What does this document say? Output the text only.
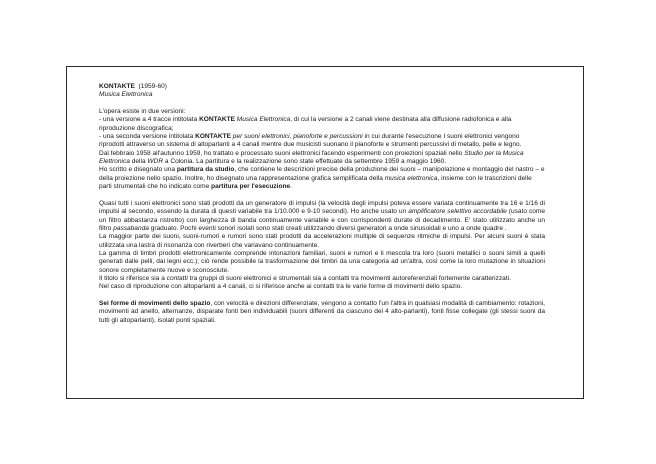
KONTAKTE (1959-60)

Musica Elettronica

L'opera esiste in due versioni:

- una versione a 4 tracce intitolata KONTAKTE Musica Elettronica, di cui la versione a 2 canali viene destinata alla diffusione radiofonica e alla riproduzione discografica;

- una seconda versione intitolata KONTAKTE per suoni elettronici, pianoforte e percussioni in cui durante l'esecuzione I suoni elettronici vengono riprodotti attraverso un sistema di altoparlanti a 4 canali mentre due musicisti suonano il pianoforte e strumenti percussivi di metallo, pelle e legno.

Dal febbraio 1958 all'autunno 1959, ho trattato e processato suoni elettronici facendo esperimenti con proiezioni spaziali nello Studio per la Musica Elettronica della WDR a Colonia. La partitura e la realizzazione sono state effettuate da settembre 1959 a maggio 1960.

Ho scritto e disegnato una partitura da studio, che contiene le descrizioni precise della produzione dei suoni – manipolazione e montaggio del nastro – e della proiezione nello spazio. Inoltre, ho disegnato una rappresentazione grafica semplificata della musica elettronica, insieme con le trascrizioni delle parti strumentali che ho indicato come partitura per l'esecuzione.

Quasi tutti i suoni elettronici sono stati prodotti da un generatore di impulsi (la velocità degli impulsi poteva essere variata continuamente tra 16 e 1/16 di impulsi al secondo, essendo la durata di questi variabile tra 1/10.000 e 9-10 secondi). Ho anche usato un amplificatore selettivo accordabile (usato come un filtro abbastanza ristretto) con larghezza di banda continuamente variabile e con corrispondenti durate di decadimento. E' stato utilizzato anche un filtro passabanda graduato. Pochi eventi sonori isolati sono stati creati utilizzando diversi generatori a onde sinusoidali e uno a onde quadre .

La maggior parte dei suoni, suoni-rumori e rumori sono stati prodotti da accelerazioni multiple di sequenze ritmiche di impulsi. Per alcuni suoni è stata utilizzata una lastra di risonanza con riverberi che variavano continuamente.

La gamma di timbri prodotti elettronicamente comprende intonazioni familiari, suoni e rumori e li mescola tra loro (suoni metallici o suoni simili a quelli generati dalle pelli, dai legni ecc.); ciò rende possibile la trasformazione dei timbri da una categoria ad un'altra, così come la loro mutazione in situazioni sonore completamente nuove e sconosciute.

Il titolo si riferisce sia a contatti tra gruppi di suoni elettronici e strumentali sia a contatti tra movimenti autoreferenziali fortemente caratterizzati.

Nel caso di riproduzione con altoparlanti a 4 canali, ci si riferisce anche ai contatti tra le varie forme di movimenti dello spazio.

Sei forme di movimenti dello spazio, con velocità e direzioni differenziate, vengono a contatto l'un l'altra in qualsiasi modalità di cambiamento: rotazioni, movimenti ad anello, alternanze, disparate fonti ben individuabili (suoni differenti da ciascuno dei 4 alto-parlanti), fonti fisse collegate (gli stessi suoni da tutti gli altoparlanti), isolati punti spaziali.
